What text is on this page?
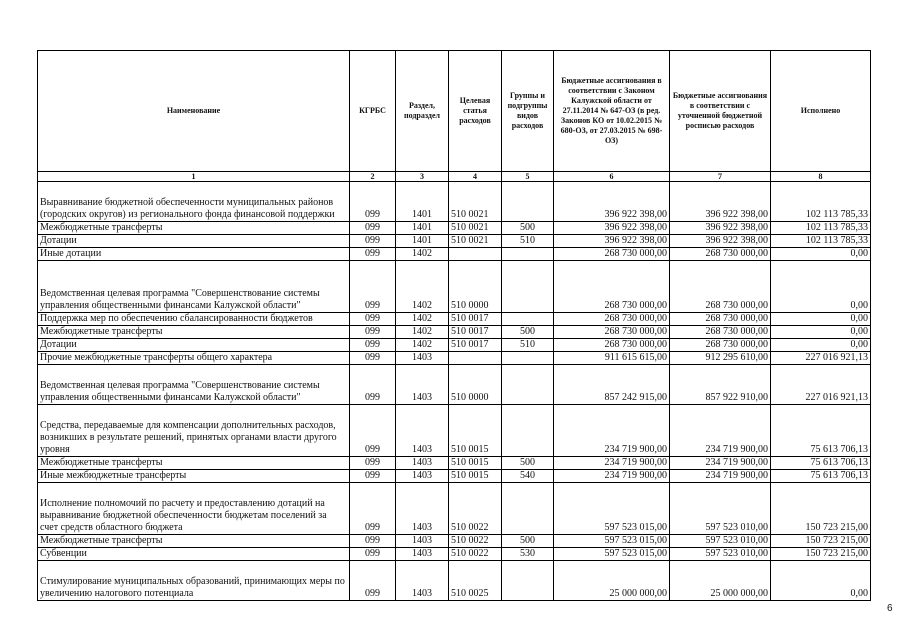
Наименование	КГРБС	Раздел, подраздел	Целевая статья расходов	Группы и подгруппы видов расходов	Бюджетные ассигнования в соответствии с Законом Калужской области от 27.11.2014 № 647-ОЗ (в ред. Законов КО от 10.02.2015 № 680-ОЗ, от 27.03.2015 № 698-ОЗ)	Бюджетные ассигнования в соответствии с уточненной бюджетной росписью расходов	Исполнено
1	2	3	4	5	6	7	8
Выравнивание бюджетной обеспеченности муниципальных районов (городских округов) из регионального фонда финансовой поддержки	099	1401	510 0021		396 922 398,00	396 922 398,00	102 113 785,33
Межбюджетные трансферты	099	1401	510 0021	500	396 922 398,00	396 922 398,00	102 113 785,33
Дотации	099	1401	510 0021	510	396 922 398,00	396 922 398,00	102 113 785,33
Иные дотации	099	1402			268 730 000,00	268 730 000,00	0,00
Ведомственная целевая программа "Совершенствование системы управления общественными финансами Калужской области"	099	1402	510 0000		268 730 000,00	268 730 000,00	0,00
Поддержка мер по обеспечению сбалансированности бюджетов	099	1402	510 0017		268 730 000,00	268 730 000,00	0,00
Межбюджетные трансферты	099	1402	510 0017	500	268 730 000,00	268 730 000,00	0,00
Дотации	099	1402	510 0017	510	268 730 000,00	268 730 000,00	0,00
Прочие межбюджетные трансферты общего характера	099	1403			911 615 615,00	912 295 610,00	227 016 921,13
Ведомственная целевая программа "Совершенствование системы управления общественными финансами Калужской области"	099	1403	510 0000		857 242 915,00	857 922 910,00	227 016 921,13
Средства, передаваемые для компенсации дополнительных расходов, возникших в результате решений, принятых органами власти другого уровня	099	1403	510 0015		234 719 900,00	234 719 900,00	75 613 706,13
Межбюджетные трансферты	099	1403	510 0015	500	234 719 900,00	234 719 900,00	75 613 706,13
Иные межбюджетные трансферты	099	1403	510 0015	540	234 719 900,00	234 719 900,00	75 613 706,13
Исполнение полномочий по расчету и предоставлению дотаций на выравнивание бюджетной обеспеченности бюджетам поселений за счет средств областного бюджета	099	1403	510 0022		597 523 015,00	597 523 010,00	150 723 215,00
Межбюджетные трансферты	099	1403	510 0022	500	597 523 015,00	597 523 010,00	150 723 215,00
Субвенции	099	1403	510 0022	530	597 523 015,00	597 523 010,00	150 723 215,00
Стимулирование муниципальных образований, принимающих меры по увеличению налогового потенциала	099	1403	510 0025		25 000 000,00	25 000 000,00	0,00
6
